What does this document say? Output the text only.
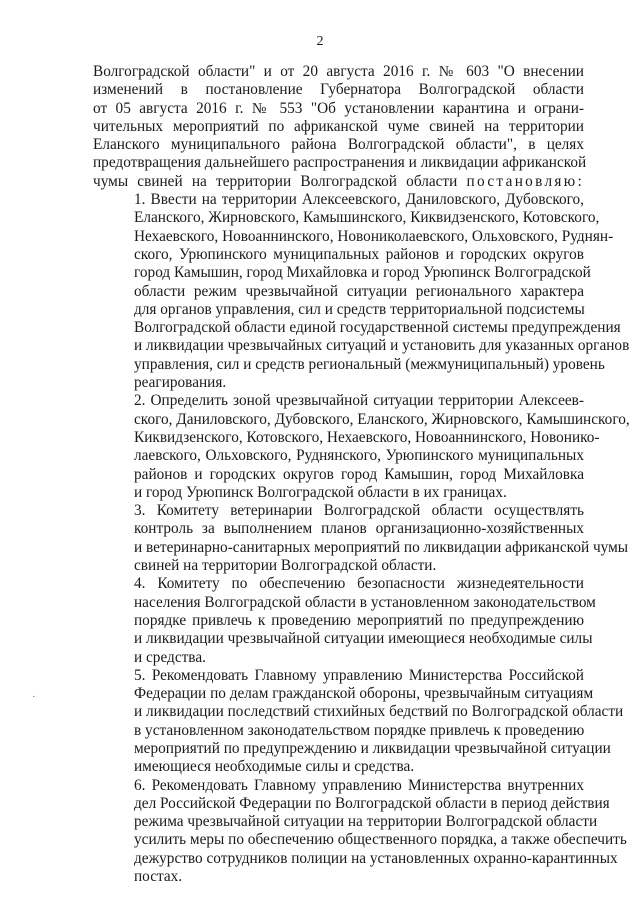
2
·

Волгоградской области" и от 20 августа 2016 г. № 603 "О внесении
изменений в постановление Губернатора Волгоградской области
от 05 августа 2016 г. № 553 "Об установлении карантина и ограни-
чительных мероприятий по африканской чуме свиней на территории
Еланского муниципального района Волгоградской области", в целях
предотвращения дальнейшего распространения и ликвидации африканской
чумы свиней на территории Волгоградской области постановляю:

1. Ввести на территории Алексеевского, Даниловского, Дубовского,
Еланского, Жирновского, Камышинского, Киквидзенского, Котовского,
Нехаевского, Новоаннинского, Новониколаевского, Ольховского, Руднян-
ского, Урюпинского муниципальных районов и городских округов
город Камышин, город Михайловка и город Урюпинск Волгоградской
области режим чрезвычайной ситуации регионального характера
для органов управления, сил и средств территориальной подсистемы
Волгоградской области единой государственной системы предупреждения
и ликвидации чрезвычайных ситуаций и установить для указанных органов
управления, сил и средств региональный (межмуниципальный) уровень
реагирования.

2. Определить зоной чрезвычайной ситуации территории Алексеев-
ского, Даниловского, Дубовского, Еланского, Жирновского, Камышинского,
Киквидзенского, Котовского, Нехаевского, Новоаннинского, Новонико-
лаевского, Ольховского, Руднянского, Урюпинского муниципальных
районов и городских округов город Камышин, город Михайловка
и город Урюпинск Волгоградской области в их границах.

3. Комитету ветеринарии Волгоградской области осуществлять
контроль за выполнением планов организационно-хозяйственных
и ветеринарно-санитарных мероприятий по ликвидации африканской чумы
свиней на территории Волгоградской области.

4. Комитету по обеспечению безопасности жизнедеятельности
населения Волгоградской области в установленном законодательством
порядке привлечь к проведению мероприятий по предупреждению
и ликвидации чрезвычайной ситуации имеющиеся необходимые силы
и средства.

5. Рекомендовать Главному управлению Министерства Российской
Федерации по делам гражданской обороны, чрезвычайным ситуациям
и ликвидации последствий стихийных бедствий по Волгоградской области
в установленном законодательством порядке привлечь к проведению
мероприятий по предупреждению и ликвидации чрезвычайной ситуации
имеющиеся необходимые силы и средства.

6. Рекомендовать Главному управлению Министерства внутренних
дел Российской Федерации по Волгоградской области в период действия
режима чрезвычайной ситуации на территории Волгоградской области
усилить меры по обеспечению общественного порядка, а также обеспечить
дежурство сотрудников полиции на установленных охранно-карантинных
постах.
